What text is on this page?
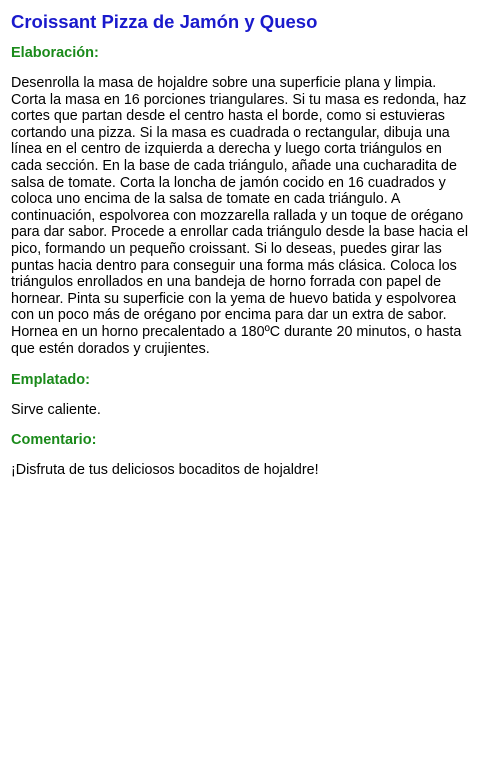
Croissant Pizza de Jamón y Queso
Elaboración:

Desenrolla la masa de hojaldre sobre una superficie plana y limpia. Corta la masa en 16 porciones triangulares. Si tu masa es redonda, haz cortes que partan desde el centro hasta el borde, como si estuvieras cortando una pizza. Si la masa es cuadrada o rectangular, dibuja una línea en el centro de izquierda a derecha y luego corta triángulos en cada sección. En la base de cada triángulo, añade una cucharadita de salsa de tomate. Corta la loncha de jamón cocido en 16 cuadrados y coloca uno encima de la salsa de tomate en cada triángulo. A continuación, espolvorea con mozzarella rallada y un toque de orégano para dar sabor. Procede a enrollar cada triángulo desde la base hacia el pico, formando un pequeño croissant. Si lo deseas, puedes girar las puntas hacia dentro para conseguir una forma más clásica. Coloca los triángulos enrollados en una bandeja de horno forrada con papel de hornear. Pinta su superficie con la yema de huevo batida y espolvorea con un poco más de orégano por encima para dar un extra de sabor. Hornea en un horno precalentado a 180ºC durante 20 minutos, o hasta que estén dorados y crujientes.

Emplatado:

Sirve caliente.

Comentario:

¡Disfruta de tus deliciosos bocaditos de hojaldre!
